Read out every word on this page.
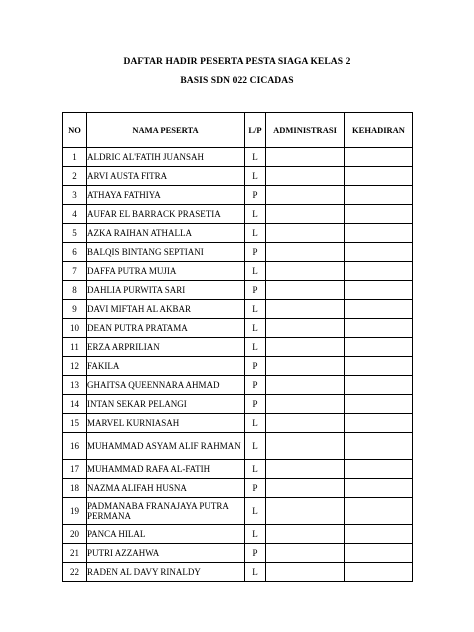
DAFTAR HADIR PESERTA PESTA SIAGA KELAS 2
BASIS SDN 022 CICADAS
NO	NAMA PESERTA	L/P	ADMINISTRASI	KEHADIRAN
1	ALDRIC AL'FATIH JUANSAH	L		
2	ARVI AUSTA FITRA	L		
3	ATHAYA FATHIYA	P		
4	AUFAR EL BARRACK PRASETIA	L		
5	AZKA RAIHAN ATHALLA	L		
6	BALQIS BINTANG SEPTIANI	P		
7	DAFFA PUTRA MUJIA	L		
8	DAHLIA PURWITA SARI	P		
9	DAVI MIFTAH AL AKBAR	L		
10	DEAN PUTRA PRATAMA	L		
11	ERZA ARPRILIAN	L		
12	FAKILA	P		
13	GHAITSA QUEENNARA AHMAD	P		
14	INTAN SEKAR PELANGI	P		
15	MARVEL KURNIASAH	L		
16	MUHAMMAD ASYAM ALIF RAHMAN	L		
17	MUHAMMAD RAFA AL-FATIH	L		
18	NAZMA ALIFAH HUSNA	P		
19	PADMANABA FRANAJAYA PUTRA PERMANA	L		
20	PANCA HILAL	L		
21	PUTRI AZZAHWA	P		
22	RADEN AL DAVY RINALDY	L		
